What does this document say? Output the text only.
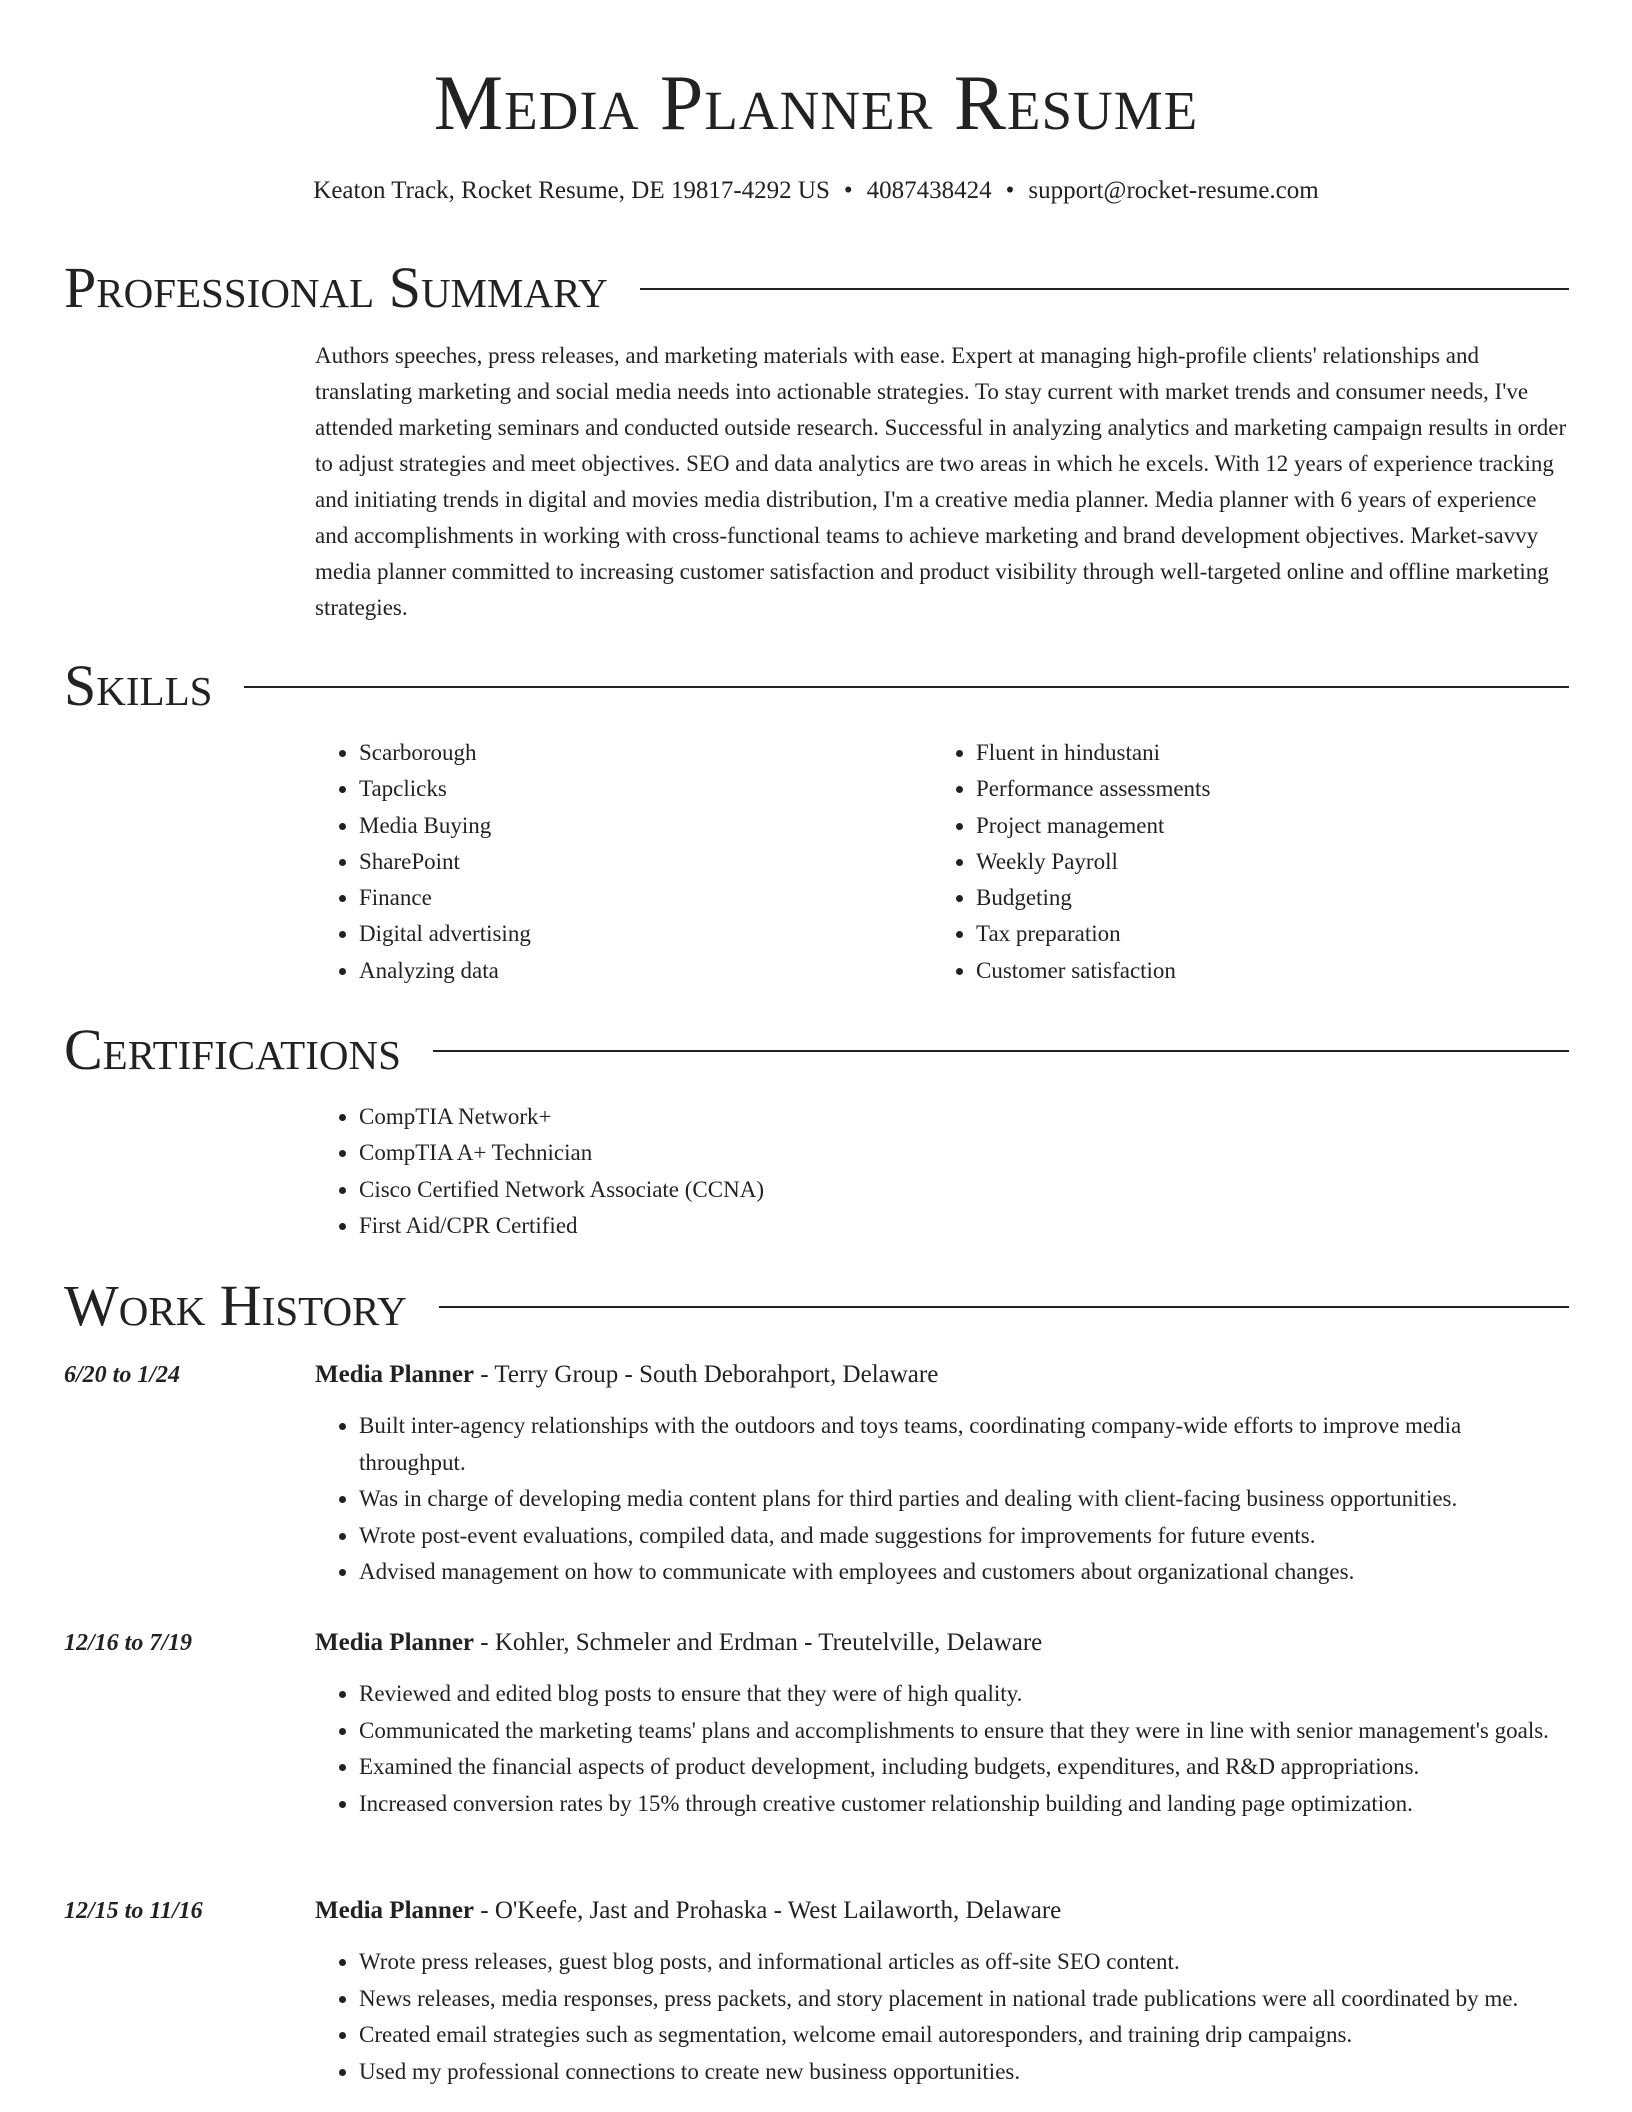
Media Planner Resume
Keaton Track, Rocket Resume, DE 19817-4292 US • 4087438424 • support@rocket-resume.com
Professional Summary

Authors speeches, press releases, and marketing materials with ease. Expert at managing high-profile clients' relationships and translating marketing and social media needs into actionable strategies. To stay current with market trends and consumer needs, I've attended marketing seminars and conducted outside research. Successful in analyzing analytics and marketing campaign results in order to adjust strategies and meet objectives. SEO and data analytics are two areas in which he excels. With 12 years of experience tracking and initiating trends in digital and movies media distribution, I'm a creative media planner. Media planner with 6 years of experience and accomplishments in working with cross-functional teams to achieve marketing and brand development objectives. Market-savvy media planner committed to increasing customer satisfaction and product visibility through well-targeted online and offline marketing strategies.

Skills
• Scarborough
• Tapclicks
• Media Buying
• SharePoint
• Finance
• Digital advertising
• Analyzing data
• Fluent in hindustani
• Performance assessments
• Project management
• Weekly Payroll
• Budgeting
• Tax preparation
• Customer satisfaction
Certifications
• CompTIA Network+
• CompTIA A+ Technician
• Cisco Certified Network Associate (CCNA)
• First Aid/CPR Certified
Work History
6/20 to 1/24	Media Planner - Terry Group - South Deborahport, Delaware
• Built inter-agency relationships with the outdoors and toys teams, coordinating company-wide efforts to improve media throughput.
• Was in charge of developing media content plans for third parties and dealing with client-facing business opportunities.
• Wrote post-event evaluations, compiled data, and made suggestions for improvements for future events.
• Advised management on how to communicate with employees and customers about organizational changes.
12/16 to 7/19	Media Planner - Kohler, Schmeler and Erdman - Treutelville, Delaware
• Reviewed and edited blog posts to ensure that they were of high quality.
• Communicated the marketing teams' plans and accomplishments to ensure that they were in line with senior management's goals.
• Examined the financial aspects of product development, including budgets, expenditures, and R&D appropriations.
• Increased conversion rates by 15% through creative customer relationship building and landing page optimization.
12/15 to 11/16	Media Planner - O'Keefe, Jast and Prohaska - West Lailaworth, Delaware
• Wrote press releases, guest blog posts, and informational articles as off-site SEO content.
• News releases, media responses, press packets, and story placement in national trade publications were all coordinated by me.
• Created email strategies such as segmentation, welcome email autoresponders, and training drip campaigns.
• Used my professional connections to create new business opportunities.
